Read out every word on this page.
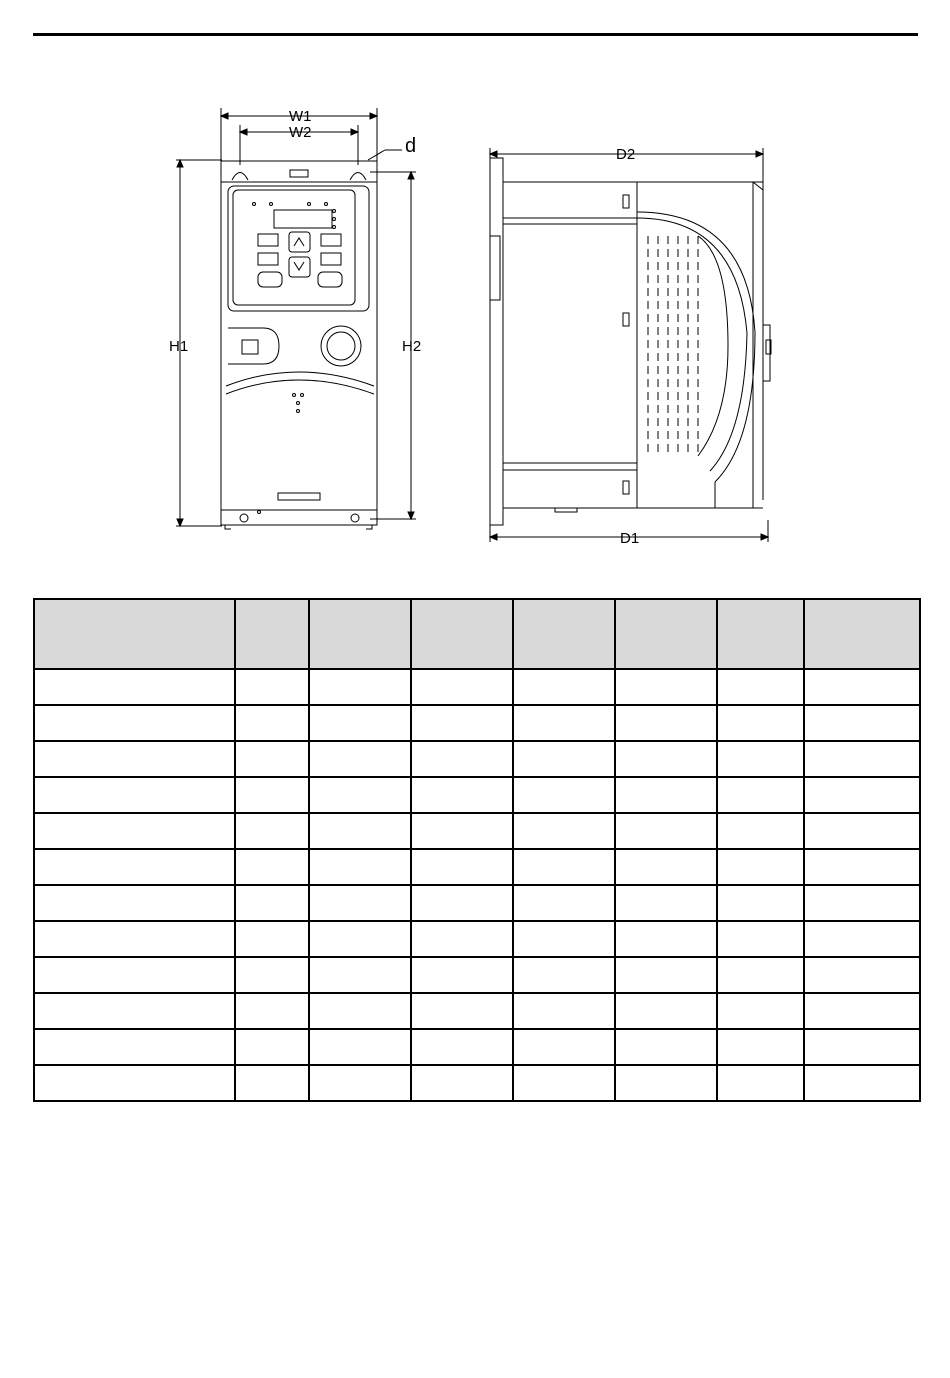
W1
W2
d
H1	H2
D2
D1
